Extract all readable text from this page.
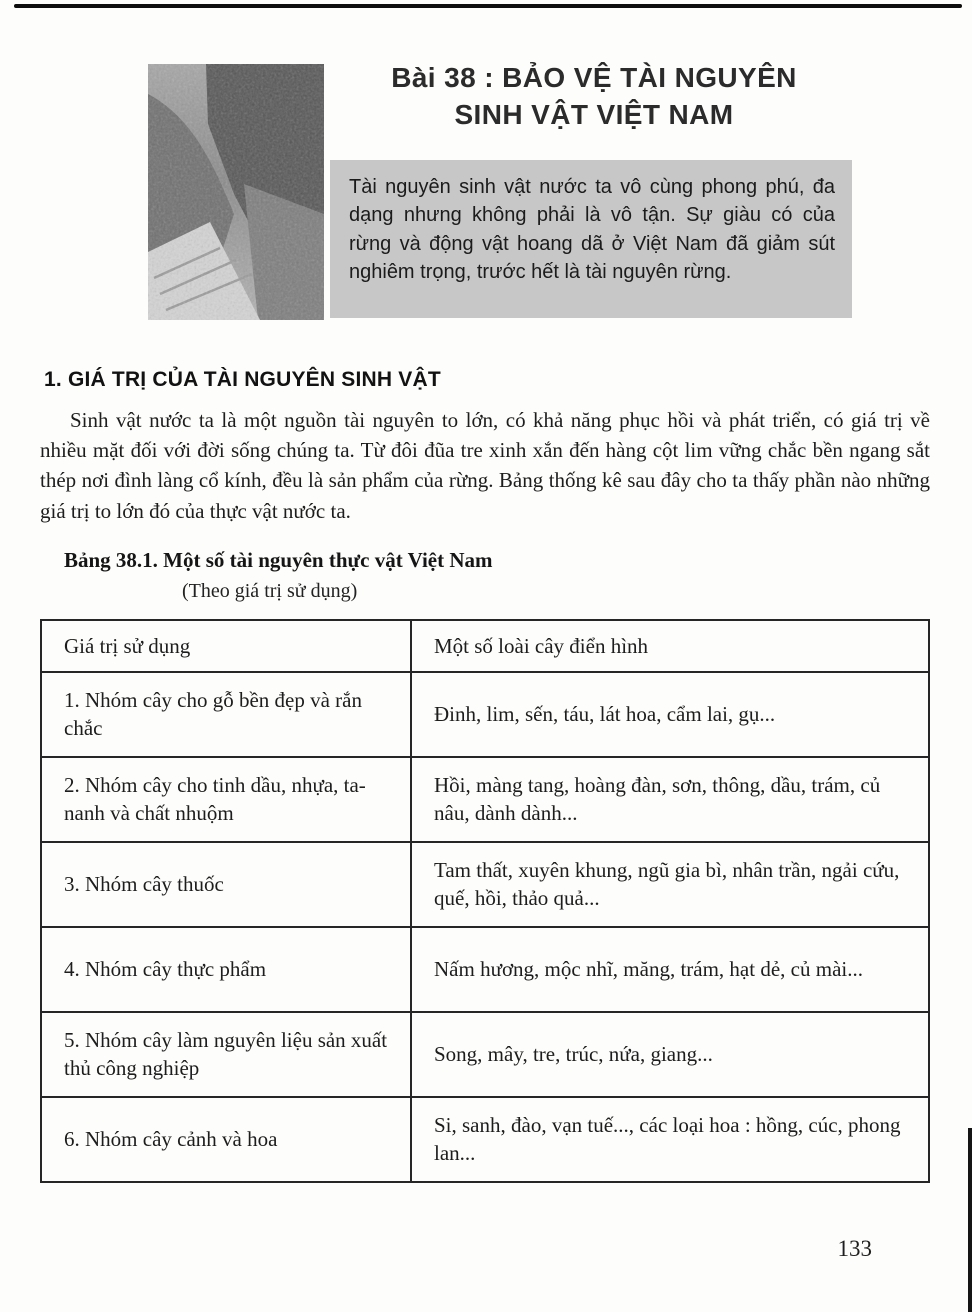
Bài 38 : BẢO VỆ TÀI NGUYÊN
SINH VẬT VIỆT NAM
Tài nguyên sinh vật nước ta vô cùng phong phú, đa dạng nhưng không phải là vô tận. Sự giàu có của rừng và động vật hoang dã ở Việt Nam đã giảm sút nghiêm trọng, trước hết là tài nguyên rừng.
1. GIÁ TRỊ CỦA TÀI NGUYÊN SINH VẬT

Sinh vật nước ta là một nguồn tài nguyên to lớn, có khả năng phục hồi và phát triển, có giá trị về nhiều mặt đối với đời sống chúng ta. Từ đôi đũa tre xinh xắn đến hàng cột lim vững chắc bền ngang sắt thép nơi đình làng cổ kính, đều là sản phẩm của rừng. Bảng thống kê sau đây cho ta thấy phần nào những giá trị to lớn đó của thực vật nước ta.

Bảng 38.1. Một số tài nguyên thực vật Việt Nam
(Theo giá trị sử dụng)
Giá trị sử dụng	Một số loài cây điển hình
1. Nhóm cây cho gỗ bền đẹp và rắn chắc	Đinh, lim, sến, táu, lát hoa, cẩm lai, gụ...
2. Nhóm cây cho tinh dầu, nhựa, ta-nanh và chất nhuộm	Hồi, màng tang, hoàng đàn, sơn, thông, dầu, trám, củ nâu, dành dành...
3. Nhóm cây thuốc	Tam thất, xuyên khung, ngũ gia bì, nhân trần, ngải cứu, quế, hồi, thảo quả...
4. Nhóm cây thực phẩm	Nấm hương, mộc nhĩ, măng, trám, hạt dẻ, củ mài...
5. Nhóm cây làm nguyên liệu sản xuất thủ công nghiệp	Song, mây, tre, trúc, nứa, giang...
6. Nhóm cây cảnh và hoa	Si, sanh, đào, vạn tuế..., các loại hoa : hồng, cúc, phong lan...
133
